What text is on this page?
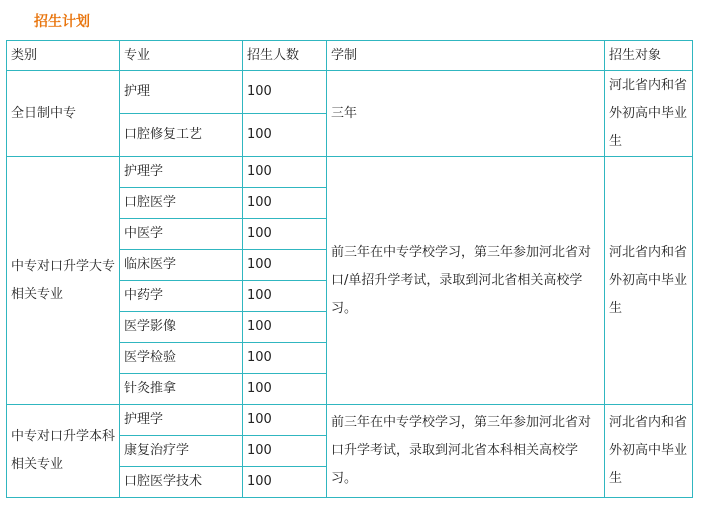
招生计划
类别	专业	招生人数	学制	招生对象
全日制中专	护理	100	三年	河北省内和省外初高中毕业生
	口腔修复工艺	100		
中专对口升学大专相关专业	护理学	100	前三年在中专学校学习，第三年参加河北省对口/单招升学考试，录取到河北省相关高校学习。	河北省内和省外初高中毕业生
	口腔医学	100		
	中医学	100		
	临床医学	100		
	中药学	100		
	医学影像	100		
	医学检验	100		
	针灸推拿	100		
中专对口升学本科相关专业	护理学	100	前三年在中专学校学习，第三年参加河北省对口升学考试，录取到河北省本科相关高校学习。	河北省内和省外初高中毕业生
	康复治疗学	100		
	口腔医学技术	100		
